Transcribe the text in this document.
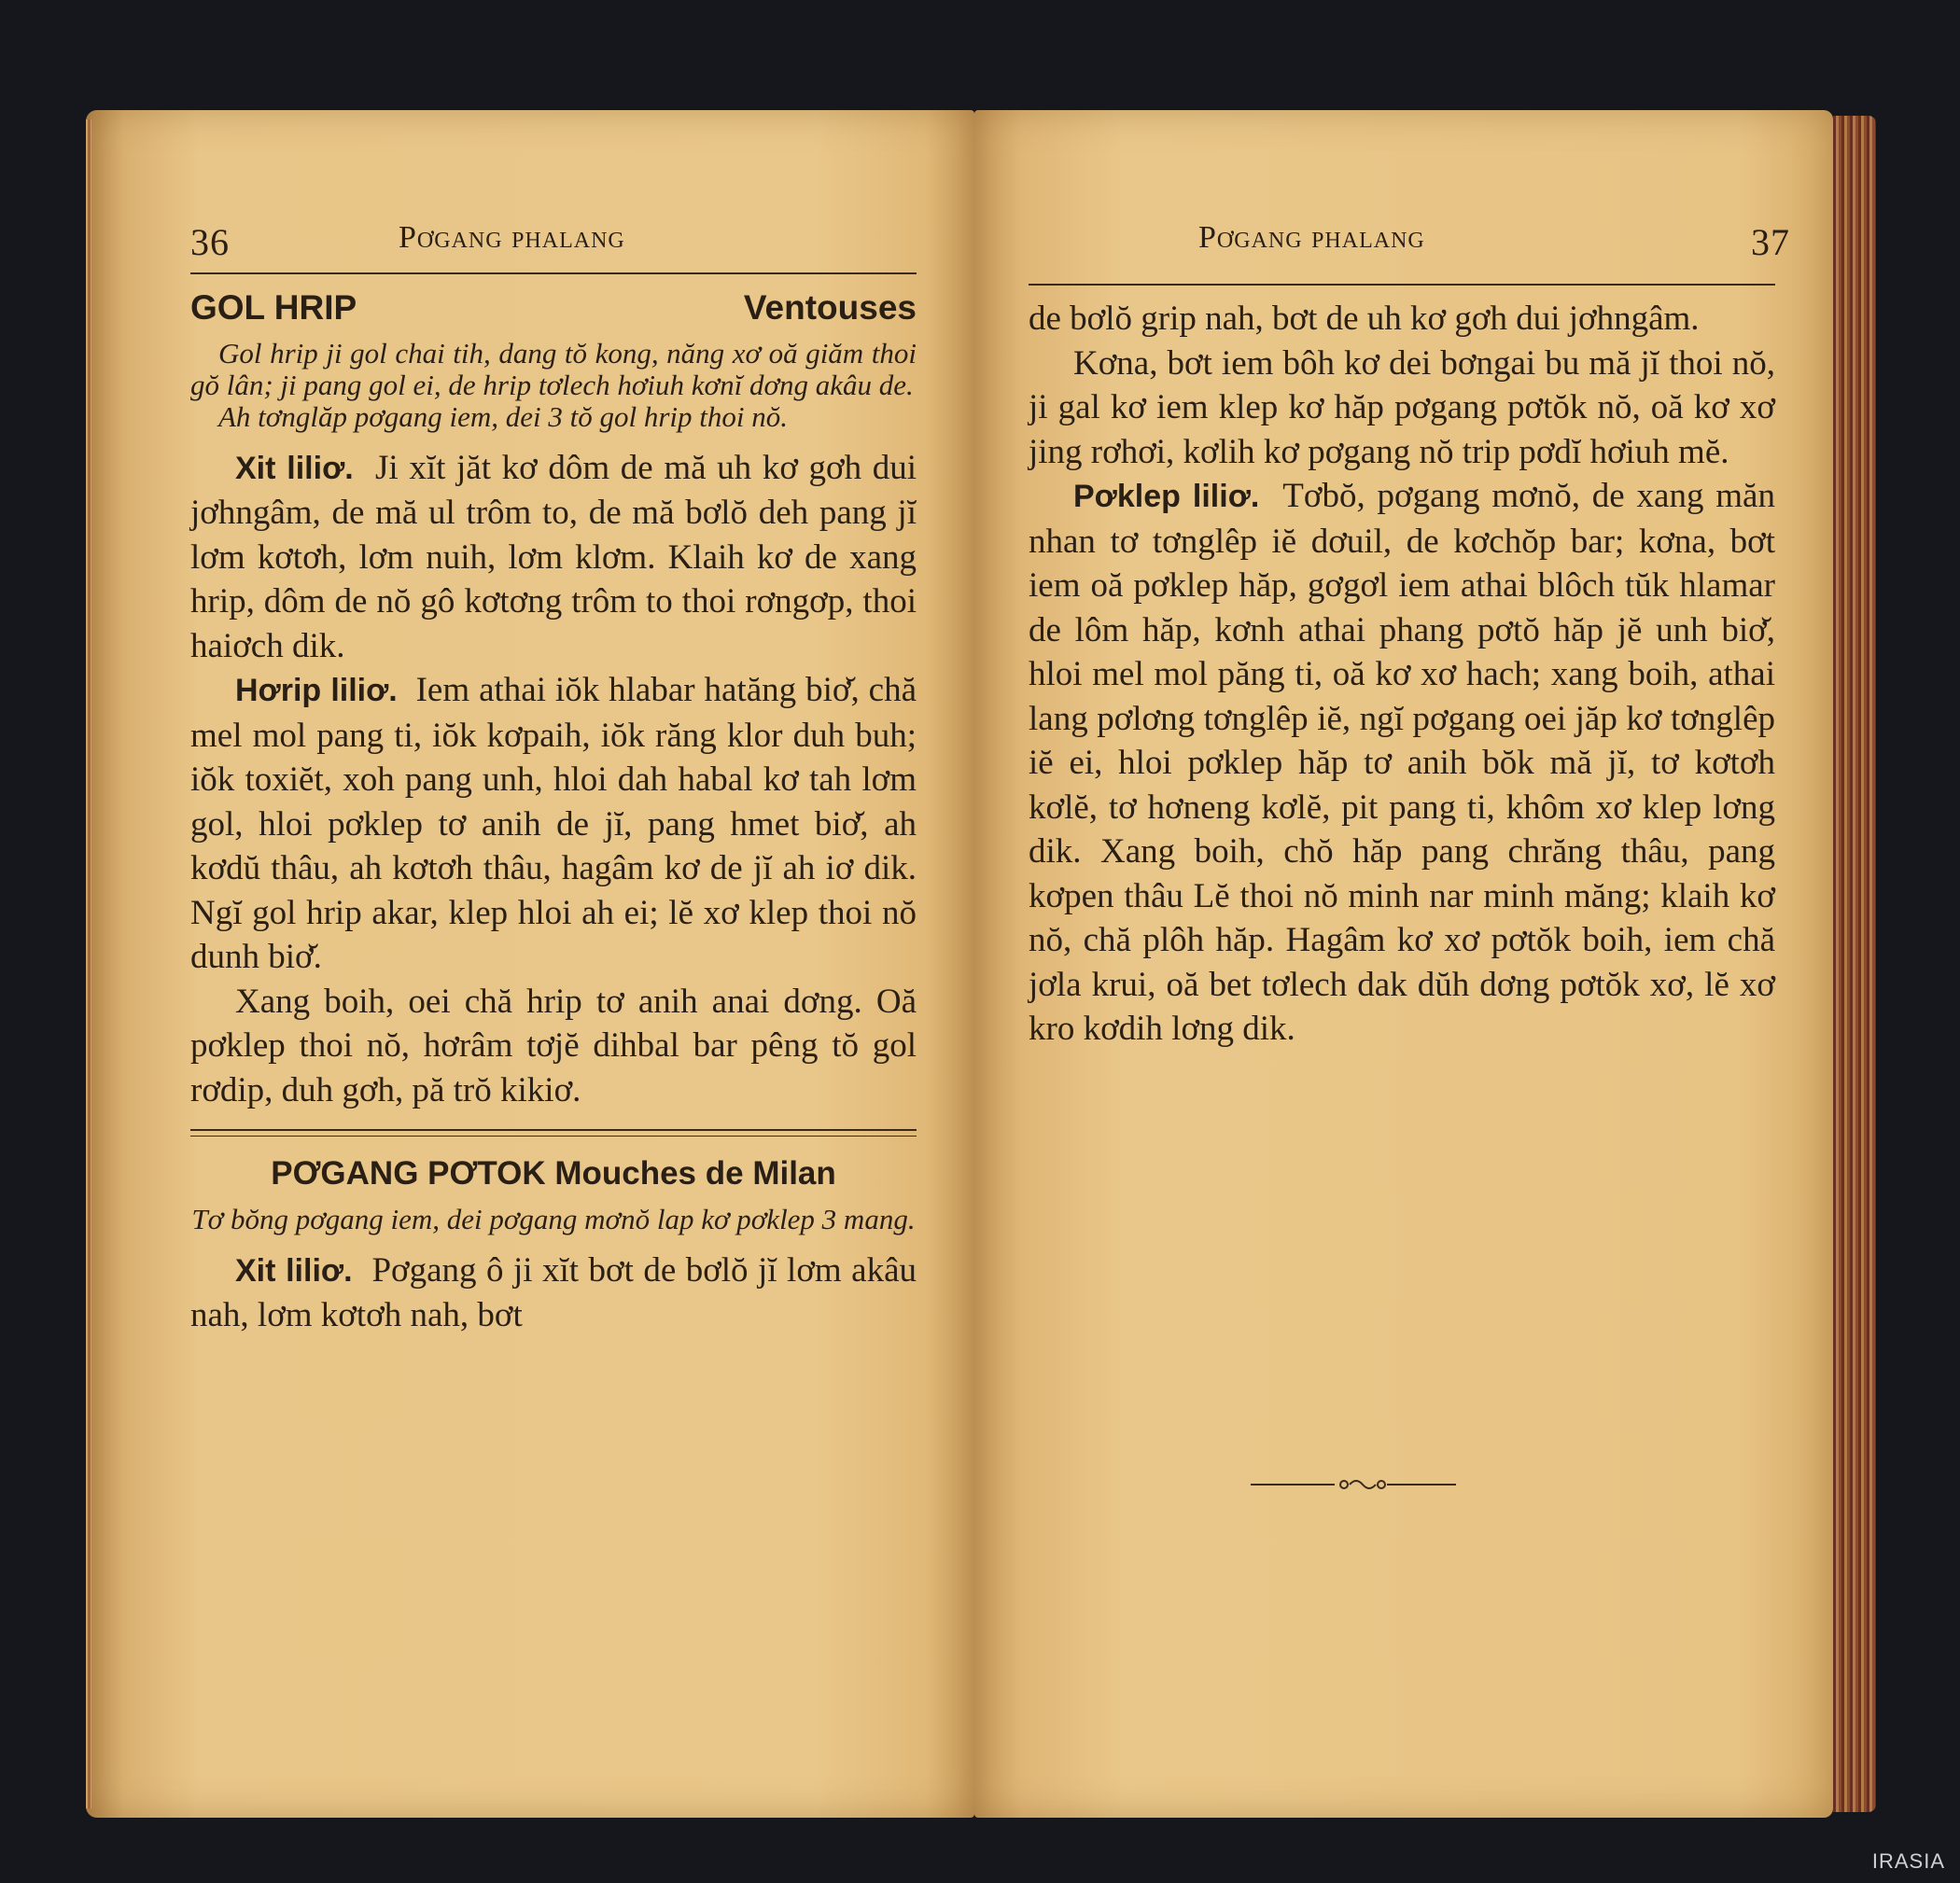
36	Pơgang phalang
GOL HRIP	Ventouses

Gol hrip ji gol chai tih, dang tŏ kong, năng xơ oă giăm thoi gŏ lân; ji pang gol ei, de hrip tơlech hơiuh kơnĭ dơng akâu de.

Ah tơnglăp pơgang iem, dei 3 tŏ gol hrip thoi nŏ.

Xit liliơ. Ji xĭt jăt kơ dôm de mă uh kơ gơh dui jơhngâm, de mă ul trôm to, de mă bơlŏ deh pang jĭ lơm kơtơh, lơm nuih, lơm klơm. Klaih kơ de xang hrip, dôm de nŏ gô kơtơng trôm to thoi rơngơp, thoi haiơch dik.

Hơrip liliơ. Iem athai iŏk hlabar hatăng biơ̆, chă mel mol pang ti, iŏk kơpaih, iŏk răng klor duh buh; iŏk toxiĕt, xoh pang unh, hloi dah habal kơ tah lơm gol, hloi pơklep tơ anih de jĭ, pang hmet biơ̆, ah kơdŭ thâu, ah kơtơh thâu, hagâm kơ de jĭ ah iơ dik. Ngĭ gol hrip akar, klep hloi ah ei; lĕ xơ klep thoi nŏ dunh biơ̆.

Xang boih, oei chă hrip tơ anih anai dơng. Oă pơklep thoi nŏ, hơrâm tơjĕ dihbal bar pêng tŏ gol rơdip, duh gơh, pă trŏ kikiơ.

PƠGANG PƠTOK Mouches de Milan

Tơ bŏng pơgang iem, dei pơgang mơnŏ lap kơ pơklep 3 mang.

Xit liliơ. Pơgang ô ji xĭt bơt de bơlŏ jĭ lơm akâu nah, lơm kơtơh nah, bơt

Pơgang phalang	37

de bơlŏ grip nah, bơt de uh kơ gơh dui jơhngâm.

Kơna, bơt iem bôh kơ dei bơngai bu mă jĭ thoi nŏ, ji gal kơ iem klep kơ hăp pơgang pơtŏk nŏ, oă kơ xơ jing rơhơi, kơlih kơ pơgang nŏ trip pơdĭ hơiuh mĕ.

Pơklep liliơ. Tơbŏ, pơgang mơnŏ, de xang măn nhan tơ tơnglêp iĕ dơuil, de kơchŏp bar; kơna, bơt iem oă pơklep hăp, gơgơl iem athai blôch tŭk hlamar de lôm hăp, kơnh athai phang pơtŏ hăp jĕ unh biơ̆, hloi mel mol păng ti, oă kơ xơ hach; xang boih, athai lang pơlơng tơnglêp iĕ, ngĭ pơgang oei jăp kơ tơnglêp iĕ ei, hloi pơklep hăp tơ anih bŏk mă jĭ, tơ kơtơh kơlĕ, tơ hơneng kơlĕ, pit pang ti, khôm xơ klep lơng dik. Xang boih, chŏ hăp pang chrăng thâu, pang kơpen thâu Lĕ thoi nŏ minh nar minh măng; klaih kơ nŏ, chă plôh hăp. Hagâm kơ xơ pơtŏk boih, iem chă jơla krui, oă bet tơlech dak dŭh dơng pơtŏk xơ, lĕ xơ kro kơdih lơng dik.

IRASIA
